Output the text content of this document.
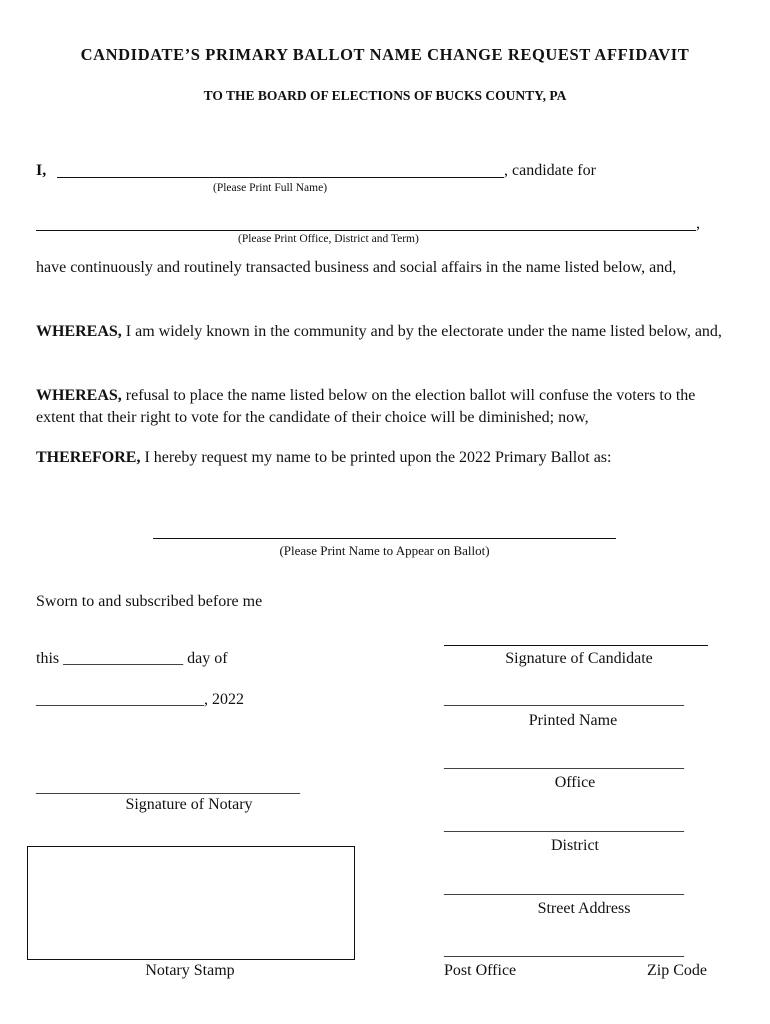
CANDIDATE’S PRIMARY BALLOT NAME CHANGE REQUEST AFFIDAVIT
TO THE BOARD OF ELECTIONS OF BUCKS COUNTY, PA
I,	, candidate for
(Please Print Full Name)
,
(Please Print Office, District and Term)
have continuously and routinely transacted business and social affairs in the name listed below, and,
WHEREAS, I am widely known in the community and by the electorate under the name listed below, and,
WHEREAS, refusal to place the name listed below on the election ballot will confuse the voters to the extent that their right to vote for the candidate of their choice will be diminished; now,
THEREFORE, I hereby request my name to be printed upon the 2022 Primary Ballot as:
(Please Print Name to Appear on Ballot)
Sworn to and subscribed before me
this _______________ day of
_____________________, 2022
_________________________________
Signature of Notary
Notary Stamp
Signature of Candidate
______________________________
Printed Name
______________________________
Office
______________________________
District
______________________________
Street Address
______________________________
Post Office	Zip Code
